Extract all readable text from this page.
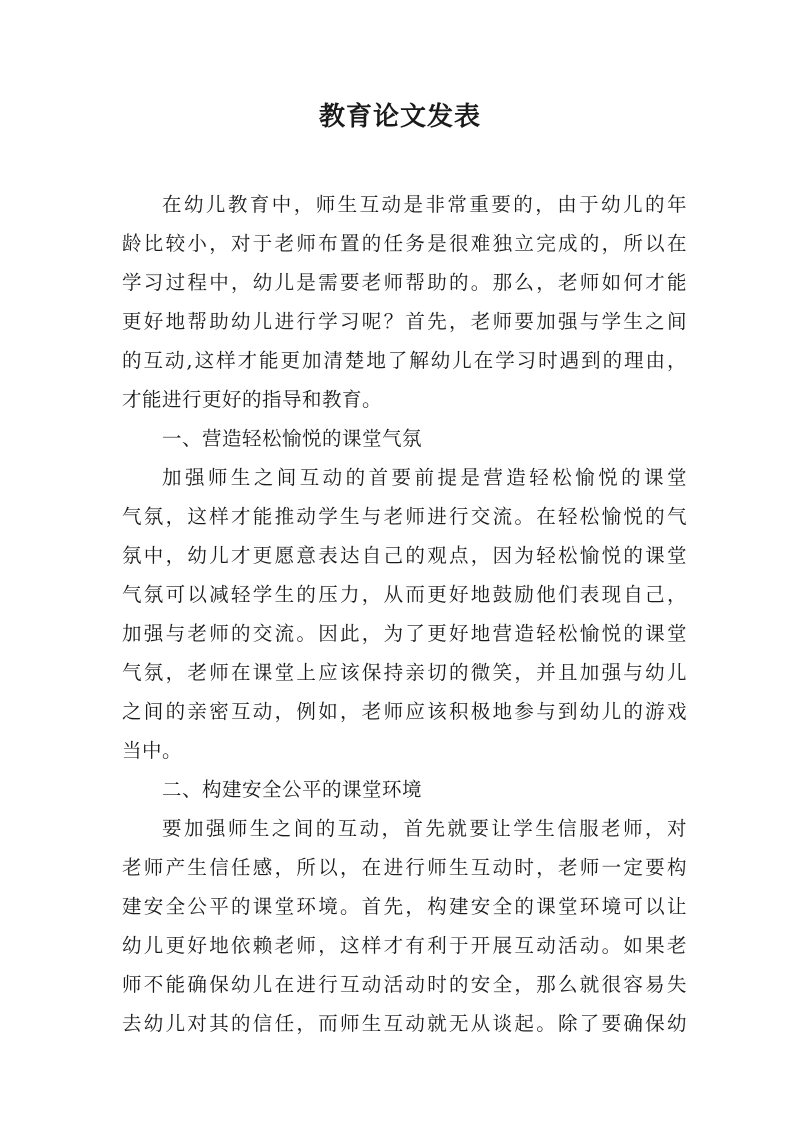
教育论文发表

在幼儿教育中，师生互动是非常重要的，由于幼儿的年

龄比较小，对于老师布置的任务是很难独立完成的，所以在

学习过程中，幼儿是需要老师帮助的。那么，老师如何才能

更好地帮助幼儿进行学习呢？首先，老师要加强与学生之间

的互动,这样才能更加清楚地了解幼儿在学习时遇到的理由，

才能进行更好的指导和教育。

一、营造轻松愉悦的课堂气氛

加强师生之间互动的首要前提是营造轻松愉悦的课堂

气氛，这样才能推动学生与老师进行交流。在轻松愉悦的气

氛中，幼儿才更愿意表达自己的观点，因为轻松愉悦的课堂

气氛可以减轻学生的压力，从而更好地鼓励他们表现自己，

加强与老师的交流。因此，为了更好地营造轻松愉悦的课堂

气氛，老师在课堂上应该保持亲切的微笑，并且加强与幼儿

之间的亲密互动，例如，老师应该积极地参与到幼儿的游戏

当中。

二、构建安全公平的课堂环境

要加强师生之间的互动，首先就要让学生信服老师，对

老师产生信任感，所以，在进行师生互动时，老师一定要构

建安全公平的课堂环境。首先，构建安全的课堂环境可以让

幼儿更好地依赖老师，这样才有利于开展互动活动。如果老

师不能确保幼儿在进行互动活动时的安全，那么就很容易失

去幼儿对其的信任，而师生互动就无从谈起。除了要确保幼
